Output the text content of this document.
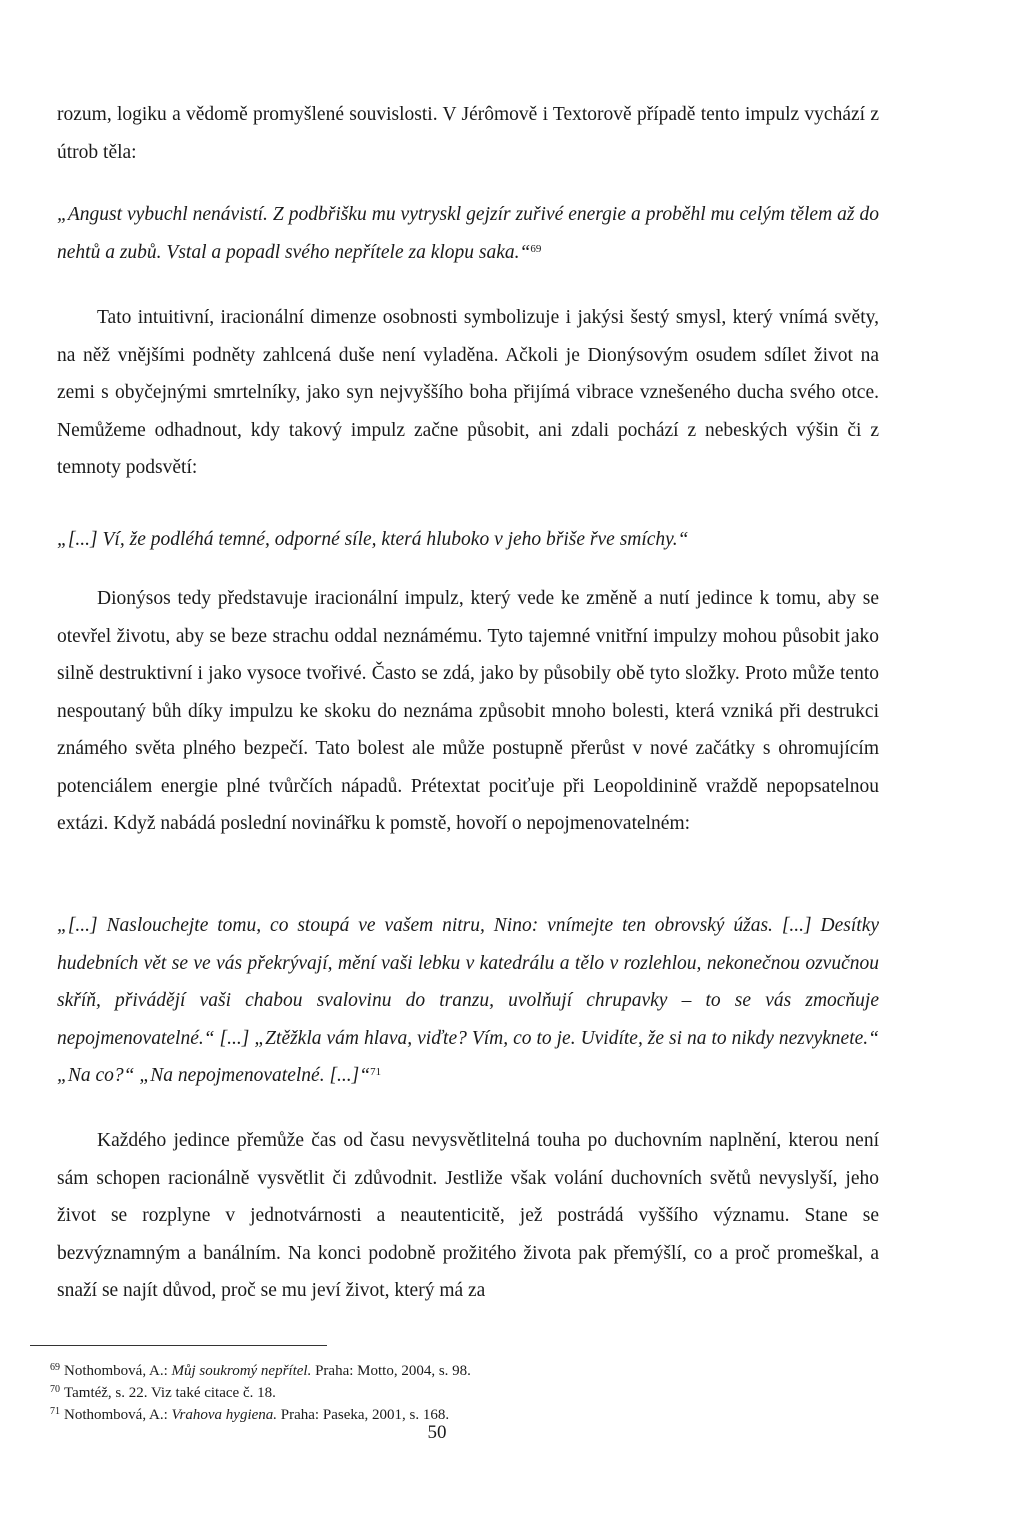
rozum, logiku a vědomě promyšlené souvislosti. V Jérômově i Textorově případě tento impulz vychází z útrob těla:

„Angust vybuchl nenávistí. Z podbřišku mu vytryskl gejzír zuřivé energie a proběhl mu celým tělem až do nehtů a zubů. Vstal a popadl svého nepřítele za klopu saka.“$^{69}$

Tato intuitivní, iracionální dimenze osobnosti symbolizuje i jakýsi šestý smysl, který vnímá světy, na něž vnějšími podněty zahlcená duše není vyladěna. Ačkoli je Dionýsovým osudem sdílet život na zemi s obyčejnými smrtelníky, jako syn nejvyššího boha přijímá vibrace vznešeného ducha svého otce. Nemůžeme odhadnout, kdy takový impulz začne působit, ani zdali pochází z nebeských výšin či z temnoty podsvětí:

„[...] Ví, že podléhá temné, odporné síle, která hluboko v jeho břiše řve smíchy.“

Dionýsos tedy představuje iracionální impulz, který vede ke změně a nutí jedince k tomu, aby se otevřel životu, aby se beze strachu oddal neznámému. Tyto tajemné vnitřní impulzy mohou působit jako silně destruktivní i jako vysoce tvořivé. Často se zdá, jako by působily obě tyto složky. Proto může tento nespoutaný bůh díky impulzu ke skoku do neznáma způsobit mnoho bolesti, která vzniká při destrukci známého světa plného bezpečí. Tato bolest ale může postupně přerůst v nové začátky s ohromujícím potenciálem energie plné tvůrčích nápadů. Prétextat pociťuje při Leopoldinině vraždě nepopsatelnou extázi. Když nabádá poslední novinářku k pomstě, hovoří o nepojmenovatelném:

„[...] Naslouchejte tomu, co stoupá ve vašem nitru, Nino: vnímejte ten obrovský úžas. [...] Desítky hudebních vět se ve vás překrývají, mění vaši lebku v katedrálu a tělo v rozlehlou, nekonečnou ozvučnou skříň, přivádějí vaši chabou svalovinu do tranzu, uvolňují chrupavky – to se vás zmocňuje nepojmenovatelné.“ [...] „Ztěžkla vám hlava, viďte? Vím, co to je. Uvidíte, že si na to nikdy nezvyknete.“ „Na co?“ „Na nepojmenovatelné. [...]“$^{71}$

Každého jedince přemůže čas od času nevysvětlitelná touha po duchovním naplnění, kterou není sám schopen racionálně vysvětlit či zdůvodnit. Jestliže však volání duchovních světů nevyslyší, jeho život se rozplyne v jednotvárnosti a neautenticitě, jež postrádá vyššího významu. Stane se bezvýznamným a banálním. Na konci podobně prožitého života pak přemýšlí, co a proč promeškal, a snaží se najít důvod, proč se mu jeví život, který má za

$^{69}$ Nothombová, A.: Můj soukromý nepřítel. Praha: Motto, 2004, s. 98.
$^{70}$ Tamtéž, s. 22. Viz také citace č. 18.
$^{71}$ Nothombová, A.: Vrahova hygiena. Praha: Paseka, 2001, s. 168.
50
